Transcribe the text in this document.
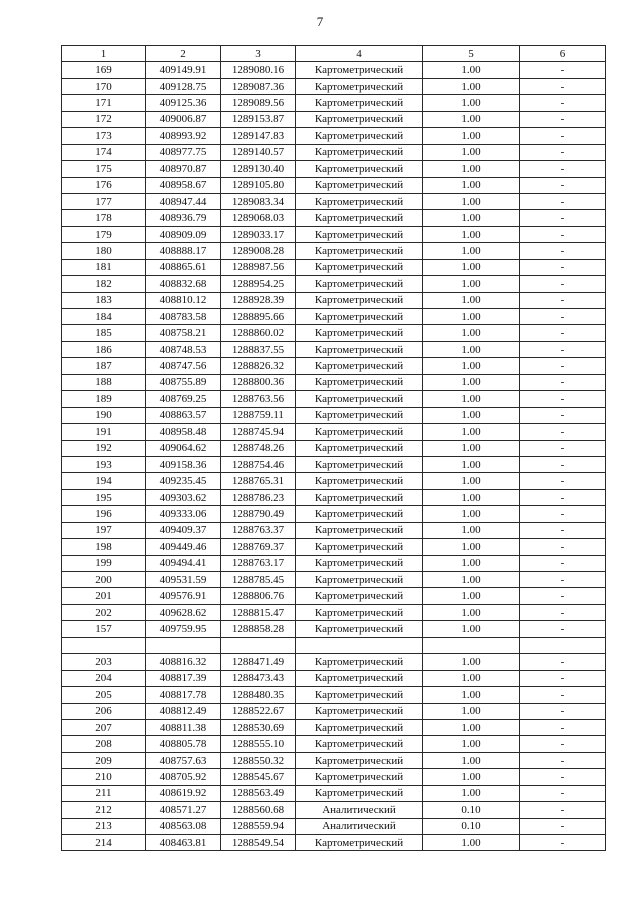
7
1	2	3	4	5	6
169	409149.91	1289080.16	Картометрический	1.00	-
170	409128.75	1289087.36	Картометрический	1.00	-
171	409125.36	1289089.56	Картометрический	1.00	-
172	409006.87	1289153.87	Картометрический	1.00	-
173	408993.92	1289147.83	Картометрический	1.00	-
174	408977.75	1289140.57	Картометрический	1.00	-
175	408970.87	1289130.40	Картометрический	1.00	-
176	408958.67	1289105.80	Картометрический	1.00	-
177	408947.44	1289083.34	Картометрический	1.00	-
178	408936.79	1289068.03	Картометрический	1.00	-
179	408909.09	1289033.17	Картометрический	1.00	-
180	408888.17	1289008.28	Картометрический	1.00	-
181	408865.61	1288987.56	Картометрический	1.00	-
182	408832.68	1288954.25	Картометрический	1.00	-
183	408810.12	1288928.39	Картометрический	1.00	-
184	408783.58	1288895.66	Картометрический	1.00	-
185	408758.21	1288860.02	Картометрический	1.00	-
186	408748.53	1288837.55	Картометрический	1.00	-
187	408747.56	1288826.32	Картометрический	1.00	-
188	408755.89	1288800.36	Картометрический	1.00	-
189	408769.25	1288763.56	Картометрический	1.00	-
190	408863.57	1288759.11	Картометрический	1.00	-
191	408958.48	1288745.94	Картометрический	1.00	-
192	409064.62	1288748.26	Картометрический	1.00	-
193	409158.36	1288754.46	Картометрический	1.00	-
194	409235.45	1288765.31	Картометрический	1.00	-
195	409303.62	1288786.23	Картометрический	1.00	-
196	409333.06	1288790.49	Картометрический	1.00	-
197	409409.37	1288763.37	Картометрический	1.00	-
198	409449.46	1288769.37	Картометрический	1.00	-
199	409494.41	1288763.17	Картометрический	1.00	-
200	409531.59	1288785.45	Картометрический	1.00	-
201	409576.91	1288806.76	Картометрический	1.00	-
202	409628.62	1288815.47	Картометрический	1.00	-
157	409759.95	1288858.28	Картометрический	1.00	-

203	408816.32	1288471.49	Картометрический	1.00	-
204	408817.39	1288473.43	Картометрический	1.00	-
205	408817.78	1288480.35	Картометрический	1.00	-
206	408812.49	1288522.67	Картометрический	1.00	-
207	408811.38	1288530.69	Картометрический	1.00	-
208	408805.78	1288555.10	Картометрический	1.00	-
209	408757.63	1288550.32	Картометрический	1.00	-
210	408705.92	1288545.67	Картометрический	1.00	-
211	408619.92	1288563.49	Картометрический	1.00	-
212	408571.27	1288560.68	Аналитический	0.10	-
213	408563.08	1288559.94	Аналитический	0.10	-
214	408463.81	1288549.54	Картометрический	1.00	-
